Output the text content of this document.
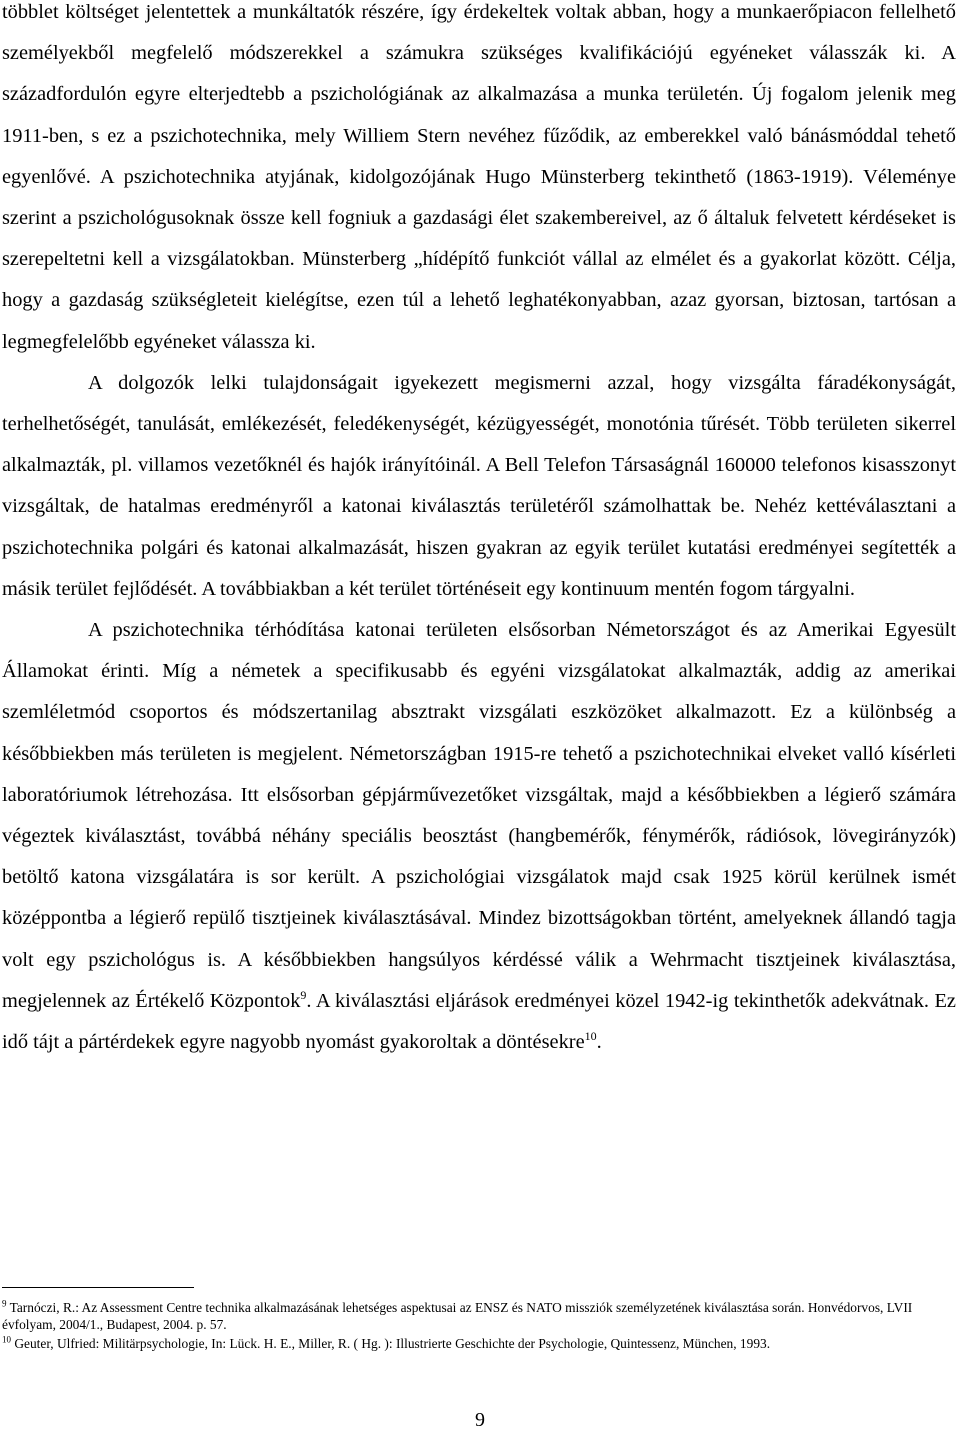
többlet költséget jelentettek a munkáltatók részére, így érdekeltek voltak abban, hogy a munkaerőpiacon fellelhető személyekből megfelelő módszerekkel a számukra szükséges kvalifikációjú egyéneket válasszák ki. A századfordulón egyre elterjedtebb a pszichológiának az alkalmazása a munka területén. Új fogalom jelenik meg 1911-ben, s ez a pszichotechnika, mely Williem Stern nevéhez fűződik, az emberekkel való bánásmóddal tehető egyenlővé. A pszichotechnika atyjának, kidolgozójának Hugo Münsterberg tekinthető (1863-1919). Véleménye szerint a pszichológusoknak össze kell fogniuk a gazdasági élet szakembereivel, az ő általuk felvetett kérdéseket is szerepeltetni kell a vizsgálatokban. Münsterberg „hídépítő funkciót vállal az elmélet és a gyakorlat között. Célja, hogy a gazdaság szükségleteit kielégítse, ezen túl a lehető leghatékonyabban, azaz gyorsan, biztosan, tartósan a legmegfelelőbb egyéneket válassza ki.

A dolgozók lelki tulajdonságait igyekezett megismerni azzal, hogy vizsgálta fáradékonyságát, terhelhetőségét, tanulását, emlékezését, feledékenységét, kézügyességét, monotónia tűrését. Több területen sikerrel alkalmazták, pl. villamos vezetőknél és hajók irányítóinál. A Bell Telefon Társaságnál 160000 telefonos kisasszonyt vizsgáltak, de hatalmas eredményről a katonai kiválasztás területéről számolhattak be. Nehéz kettéválasztani a pszichotechnika polgári és katonai alkalmazását, hiszen gyakran az egyik terület kutatási eredményei segítették a másik terület fejlődését. A továbbiakban a két terület történéseit egy kontinuum mentén fogom tárgyalni.

A pszichotechnika térhódítása katonai területen elsősorban Németországot és az Amerikai Egyesült Államokat érinti. Míg a németek a specifikusabb és egyéni vizsgálatokat alkalmazták, addig az amerikai szemléletmód csoportos és módszertanilag absztrakt vizsgálati eszközöket alkalmazott. Ez a különbség a későbbiekben más területen is megjelent. Németországban 1915-re tehető a pszichotechnikai elveket valló kísérleti laboratóriumok létrehozása. Itt elsősorban gépjárművezetőket vizsgáltak, majd a későbbiekben a légierő számára végeztek kiválasztást, továbbá néhány speciális beosztást (hangbemérők, fénymérők, rádiósok, lövegirányzók) betöltő katona vizsgálatára is sor került. A pszichológiai vizsgálatok majd csak 1925 körül kerülnek ismét középpontba a légierő repülő tisztjeinek kiválasztásával. Mindez bizottságokban történt, amelyeknek állandó tagja volt egy pszichológus is. A későbbiekben hangsúlyos kérdéssé válik a Wehrmacht tisztjeinek kiválasztása, megjelennek az Értékelő Központok$^9$. A kiválasztási eljárások eredményei közel 1942-ig tekinthetők adekvátnak. Ez idő tájt a pártérdekek egyre nagyobb nyomást gyakoroltak a döntésekre$^{10}$.

$^9$ Tarnóczi, R.: Az Assessment Centre technika alkalmazásának lehetséges aspektusai az ENSZ és NATO missziók személyzetének kiválasztása során. Honvédorvos, LVII évfolyam, 2004/1., Budapest, 2004. p. 57.

$^{10}$ Geuter, Ulfried: Militärpsychologie, In: Lück. H. E., Miller, R. ( Hg. ): Illustrierte Geschichte der Psychologie, Quintessenz, München, 1993.

9
